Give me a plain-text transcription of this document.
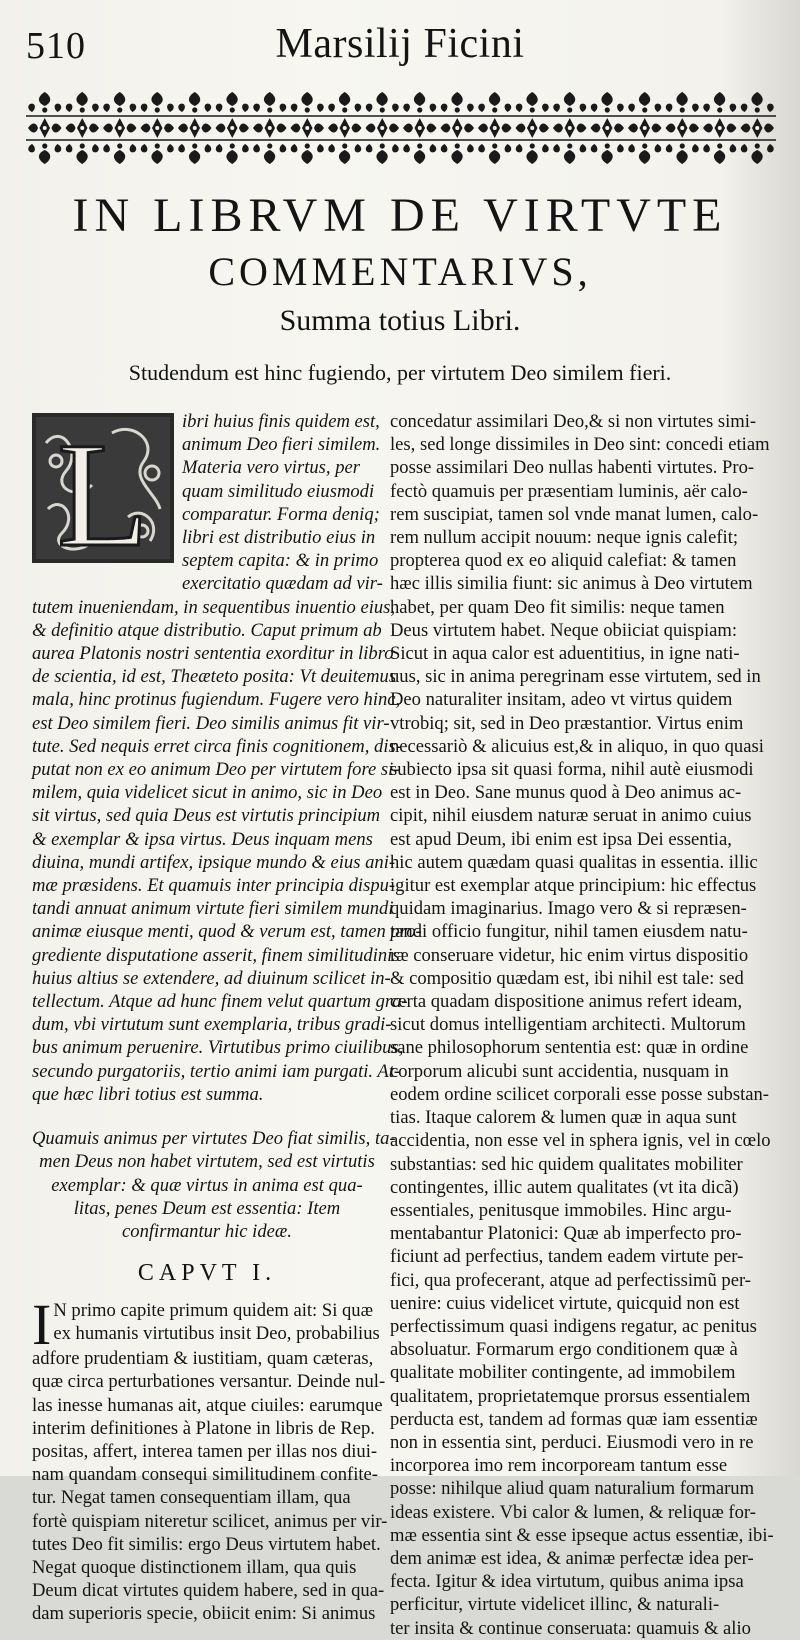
510	Marsilij Ficini
IN LIBRVM DE VIRTVTE
COMMENTARIVS,
Summa totius Libri.
Studendum est hinc fugiendo, per virtutem Deo similem fieri.
L ibri huius finis quidem est,
animum Deo fieri similem.
Materia vero virtus, per
quam similitudo eiusmodi
comparatur. Forma deniq;
libri est distributio eius in
septem capita: & in primo
exercitatio quædam ad vir-
tutem inueniendam, in sequentibus inuentio eius,
& definitio atque distributio. Caput primum ab
aurea Platonis nostri sententia exorditur in libro
de scientia, id est, Theæteto posita: Vt deuitemus
mala, hinc protinus fugiendum. Fugere vero hinc,
est Deo similem fieri. Deo similis animus fit vir-
tute. Sed nequis erret circa finis cognitionem, dis-
putat non ex eo animum Deo per virtutem fore si-
milem, quia videlicet sicut in animo, sic in Deo
sit virtus, sed quia Deus est virtutis principium
& exemplar & ipsa virtus. Deus inquam mens
diuina, mundi artifex, ipsique mundo & eius ani-
mæ præsidens. Et quamuis inter principia dispu-
tandi annuat animum virtute fieri similem mundi
animæ eiusque menti, quod & verum est, tamen pro-
grediente disputatione asserit, finem similitudinis
huius altius se extendere, ad diuinum scilicet in-
tellectum. Atque ad hunc finem velut quartum gra-
dum, vbi virtutum sunt exemplaria, tribus gradi-
bus animum peruenire. Virtutibus primo ciuilibus,
secundo purgatoriis, tertio animi iam purgati. At-
que hæc libri totius est summa.
Quamuis animus per virtutes Deo fiat similis, ta-
men Deus non habet virtutem, sed est virtutis
exemplar: & quæ virtus in anima est qua-
litas, penes Deum est essentia: Item
confirmantur hic ideæ.
CAPVT I.
I N primo capite primum quidem ait: Si quæ
ex humanis virtutibus insit Deo, probabilius
adfore prudentiam & iustitiam, quam cæteras,
quæ circa perturbationes versantur. Deinde nul-
las inesse humanas ait, atque ciuiles: earumque
interim definitiones à Platone in libris de Rep.
positas, affert, interea tamen per illas nos diui-
nam quandam consequi similitudinem confite-
tur. Negat tamen consequentiam illam, qua
fortè quispiam niteretur scilicet, animus per vir-
tutes Deo fit similis: ergo Deus virtutem habet.
Negat quoque distinctionem illam, qua quis
Deum dicat virtutes quidem habere, sed in qua-
dam superioris specie, obiicit enim: Si animus
concedatur assimilari Deo,& si non virtutes simi-
les, sed longe dissimiles in Deo sint: concedi etiam
posse assimilari Deo nullas habenti virtutes. Pro-
fectò quamuis per præsentiam luminis, aër calo-
rem suscipiat, tamen sol vnde manat lumen, calo-
rem nullum accipit nouum: neque ignis calefit;
propterea quod ex eo aliquid calefiat: & tamen
hæc illis similia fiunt: sic animus à Deo virtutem
habet, per quam Deo fit similis: neque tamen
Deus virtutem habet. Neque obiiciat quispiam:
Sicut in aqua calor est aduentitius, in igne nati-
uus, sic in anima peregrinam esse virtutem, sed in
Deo naturaliter insitam, adeo vt virtus quidem
vtrobiq; sit, sed in Deo præstantior. Virtus enim
necessariò & alicuius est,& in aliquo, in quo quasi
subiecto ipsa sit quasi forma, nihil autè eiusmodi
est in Deo. Sane munus quod à Deo animus ac-
cipit, nihil eiusdem naturæ seruat in animo cuius
est apud Deum, ibi enim est ipsa Dei essentia,
hic autem quædam quasi qualitas in essentia. illic
igitur est exemplar atque principium: hic effectus
quidam imaginarius. Imago vero & si repræsen-
tandi officio fungitur, nihil tamen eiusdem natu-
ræ conseruare videtur, hic enim virtus dispositio
& compositio quædam est, ibi nihil est tale: sed
certa quadam dispositione animus refert ideam,
sicut domus intelligentiam architecti. Multorum
sane philosophorum sententia est: quæ in ordine
corporum alicubi sunt accidentia, nusquam in
eodem ordine scilicet corporali esse posse substan-
tias. Itaque calorem & lumen quæ in aqua sunt
accidentia, non esse vel in sphera ignis, vel in cœlo
substantias: sed hic quidem qualitates mobiliter
contingentes, illic autem qualitates (vt ita dicã)
essentiales, penitusque immobiles. Hinc argu-
mentabantur Platonici: Quæ ab imperfecto pro-
ficiunt ad perfectius, tandem eadem virtute per-
fici, qua profecerant, atque ad perfectissimũ per-
uenire: cuius videlicet virtute, quicquid non est
perfectissimum quasi indigens regatur, ac penitus
absoluatur. Formarum ergo conditionem quæ à
qualitate mobiliter contingente, ad immobilem
qualitatem, proprietatemque prorsus essentialem
perducta est, tandem ad formas quæ iam essentiæ
non in essentia sint, perduci. Eiusmodi vero in re
incorporea imo rem incorpoream tantum esse
posse: nihilque aliud quam naturalium formarum
ideas existere. Vbi calor & lumen, & reliquæ for-
mæ essentia sint & esse ipseque actus essentiæ, ibi-
dem animæ est idea, & animæ perfectæ idea per-
fecta. Igitur & idea virtutum, quibus anima ipsa
perficitur, virtute videlicet illinc, & naturali-
ter insita & continue conseruata: quamuis & alio
